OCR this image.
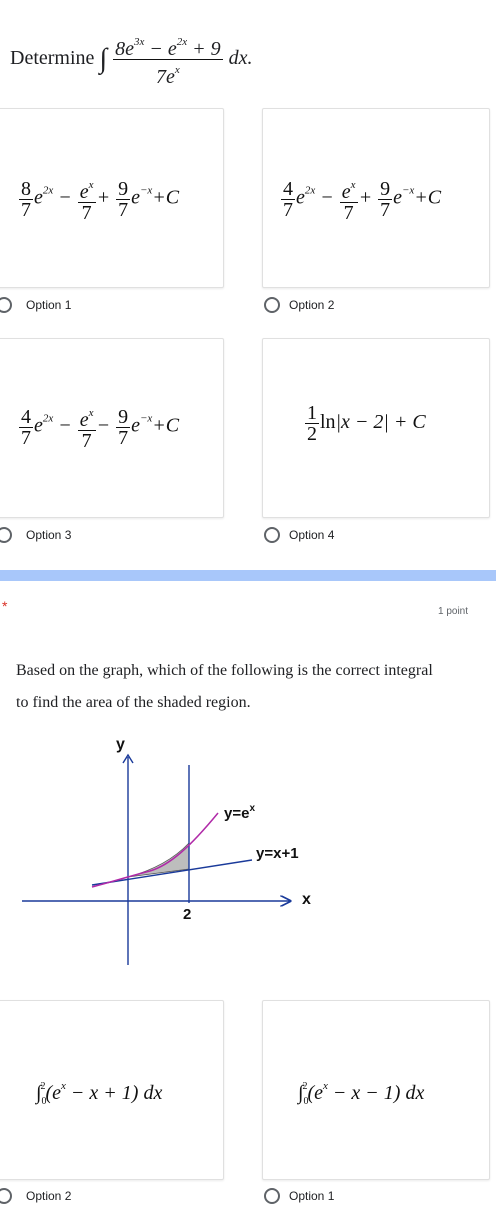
Determine ∫ $\frac{8e^{3x} - e^{2x} + 9}{7e^x}$ dx.
$\frac{8}{7} e^{2x} - \frac{e^x}{7} + \frac{9}{7} e^{-x}+C$	$\frac{4}{7} e^{2x} - \frac{e^x}{7} + \frac{9}{7} e^{-x}+C$
$\frac{4}{7} e^{2x} - \frac{e^x}{7} - \frac{9}{7} e^{-x}+C$	$\frac{1}{2} \ln|x - 2| + C$
Option 1	Option 2
Option 3	Option 4
*	1 point
Based on the graph, which of the following is the correct integral
to find the area of the shaded region.
y
x
2
$y=e^x$
y=x+1
$\int_0^2(e^x - x + 1)$ dx	$\int_0^2(e^x - x - 1)$ dx
Option 2	Option 1
